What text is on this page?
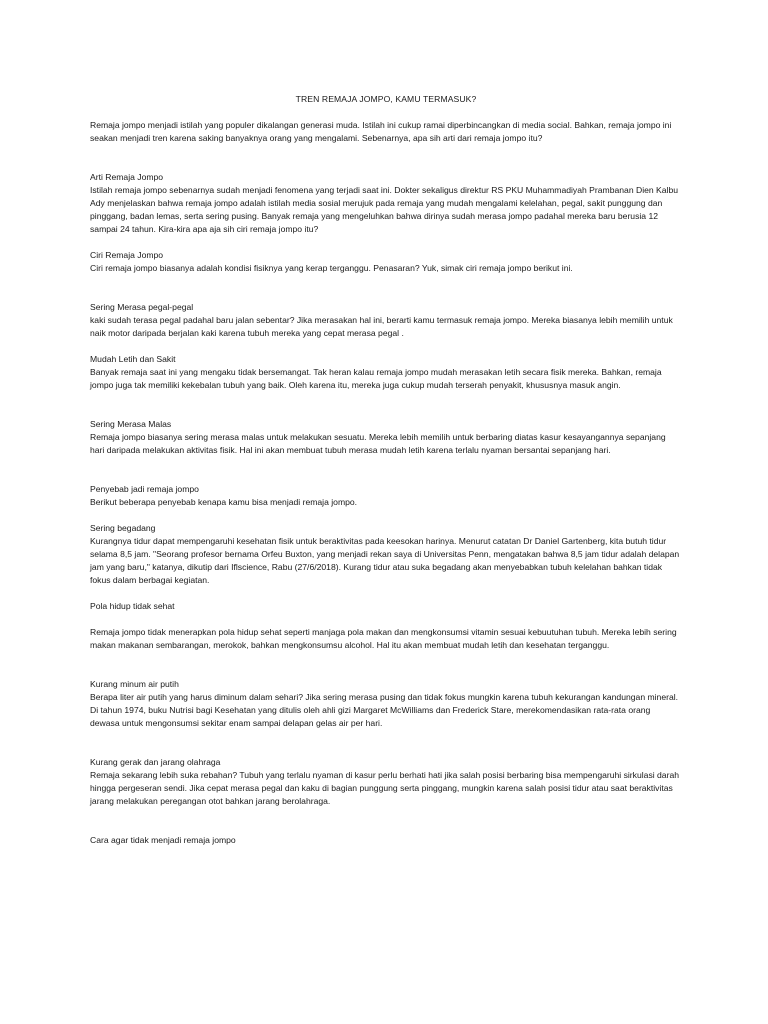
TREN REMAJA JOMPO, KAMU TERMASUK?

Remaja jompo menjadi istilah yang populer dikalangan generasi muda. Istilah ini cukup ramai diperbincangkan di media social. Bahkan, remaja jompo ini seakan menjadi tren karena saking banyaknya orang yang mengalami. Sebenarnya, apa sih arti dari remaja jompo itu?

Arti Remaja Jompo

Istilah remaja jompo sebenarnya sudah menjadi fenomena yang terjadi saat ini. Dokter sekaligus direktur RS PKU Muhammadiyah Prambanan Dien Kalbu Ady menjelaskan bahwa remaja jompo adalah istilah media sosial merujuk pada remaja yang mudah mengalami kelelahan, pegal, sakit punggung dan pinggang, badan lemas, serta sering pusing. Banyak remaja yang mengeluhkan bahwa dirinya sudah merasa jompo padahal mereka baru berusia 12 sampai 24 tahun. Kira-kira apa aja sih ciri remaja jompo itu?

Ciri Remaja Jompo

Ciri remaja jompo biasanya adalah kondisi fisiknya yang kerap terganggu. Penasaran? Yuk, simak ciri remaja jompo berikut ini.

Sering Merasa pegal-pegal

kaki sudah terasa pegal padahal baru jalan sebentar? Jika merasakan hal ini, berarti kamu termasuk remaja jompo. Mereka biasanya lebih memilih untuk naik motor daripada berjalan kaki karena tubuh mereka yang cepat merasa pegal .

Mudah Letih dan Sakit

Banyak remaja saat ini yang mengaku tidak bersemangat. Tak heran kalau remaja jompo mudah merasakan letih secara fisik mereka. Bahkan, remaja jompo juga tak memiliki kekebalan tubuh yang baik. Oleh karena itu, mereka juga cukup mudah terserah penyakit, khususnya masuk angin.

Sering Merasa Malas

Remaja jompo biasanya sering merasa malas untuk melakukan sesuatu. Mereka lebih memilih untuk berbaring diatas kasur kesayangannya sepanjang hari daripada melakukan aktivitas fisik. Hal ini akan membuat tubuh merasa mudah letih karena terlalu nyaman bersantai sepanjang hari.

Penyebab jadi remaja jompo

Berikut beberapa penyebab kenapa kamu bisa menjadi remaja jompo.

Sering begadang

Kurangnya tidur dapat mempengaruhi kesehatan fisik untuk beraktivitas pada keesokan harinya. Menurut catatan Dr Daniel Gartenberg, kita butuh tidur selama 8,5 jam. "Seorang profesor bernama Orfeu Buxton, yang menjadi rekan saya di Universitas Penn, mengatakan bahwa 8,5 jam tidur adalah delapan jam yang baru," katanya, dikutip dari Iflscience, Rabu (27/6/2018). Kurang tidur atau suka begadang akan menyebabkan tubuh kelelahan bahkan tidak fokus dalam berbagai kegiatan.

Pola hidup tidak sehat

Remaja jompo tidak menerapkan pola hidup sehat seperti manjaga pola makan dan mengkonsumsi vitamin sesuai kebuutuhan tubuh. Mereka lebih sering makan makanan sembarangan, merokok, bahkan mengkonsumsu alcohol. Hal itu akan membuat mudah letih dan kesehatan terganggu.

Kurang minum air putih

Berapa liter air putih yang harus diminum dalam sehari? Jika sering merasa pusing dan tidak fokus mungkin karena tubuh kekurangan kandungan mineral. Di tahun 1974, buku Nutrisi bagi Kesehatan yang ditulis oleh ahli gizi Margaret McWilliams dan Frederick Stare, merekomendasikan rata-rata orang dewasa untuk mengonsumsi sekitar enam sampai delapan gelas air per hari.

Kurang gerak dan jarang olahraga

Remaja sekarang lebih suka rebahan? Tubuh yang terlalu nyaman di kasur perlu berhati hati jika salah posisi berbaring bisa mempengaruhi sirkulasi darah hingga pergeseran sendi. Jika cepat merasa pegal dan kaku di bagian punggung serta pinggang, mungkin karena salah posisi tidur atau saat beraktivitas jarang melakukan peregangan otot bahkan jarang berolahraga.

Cara agar tidak menjadi remaja jompo
